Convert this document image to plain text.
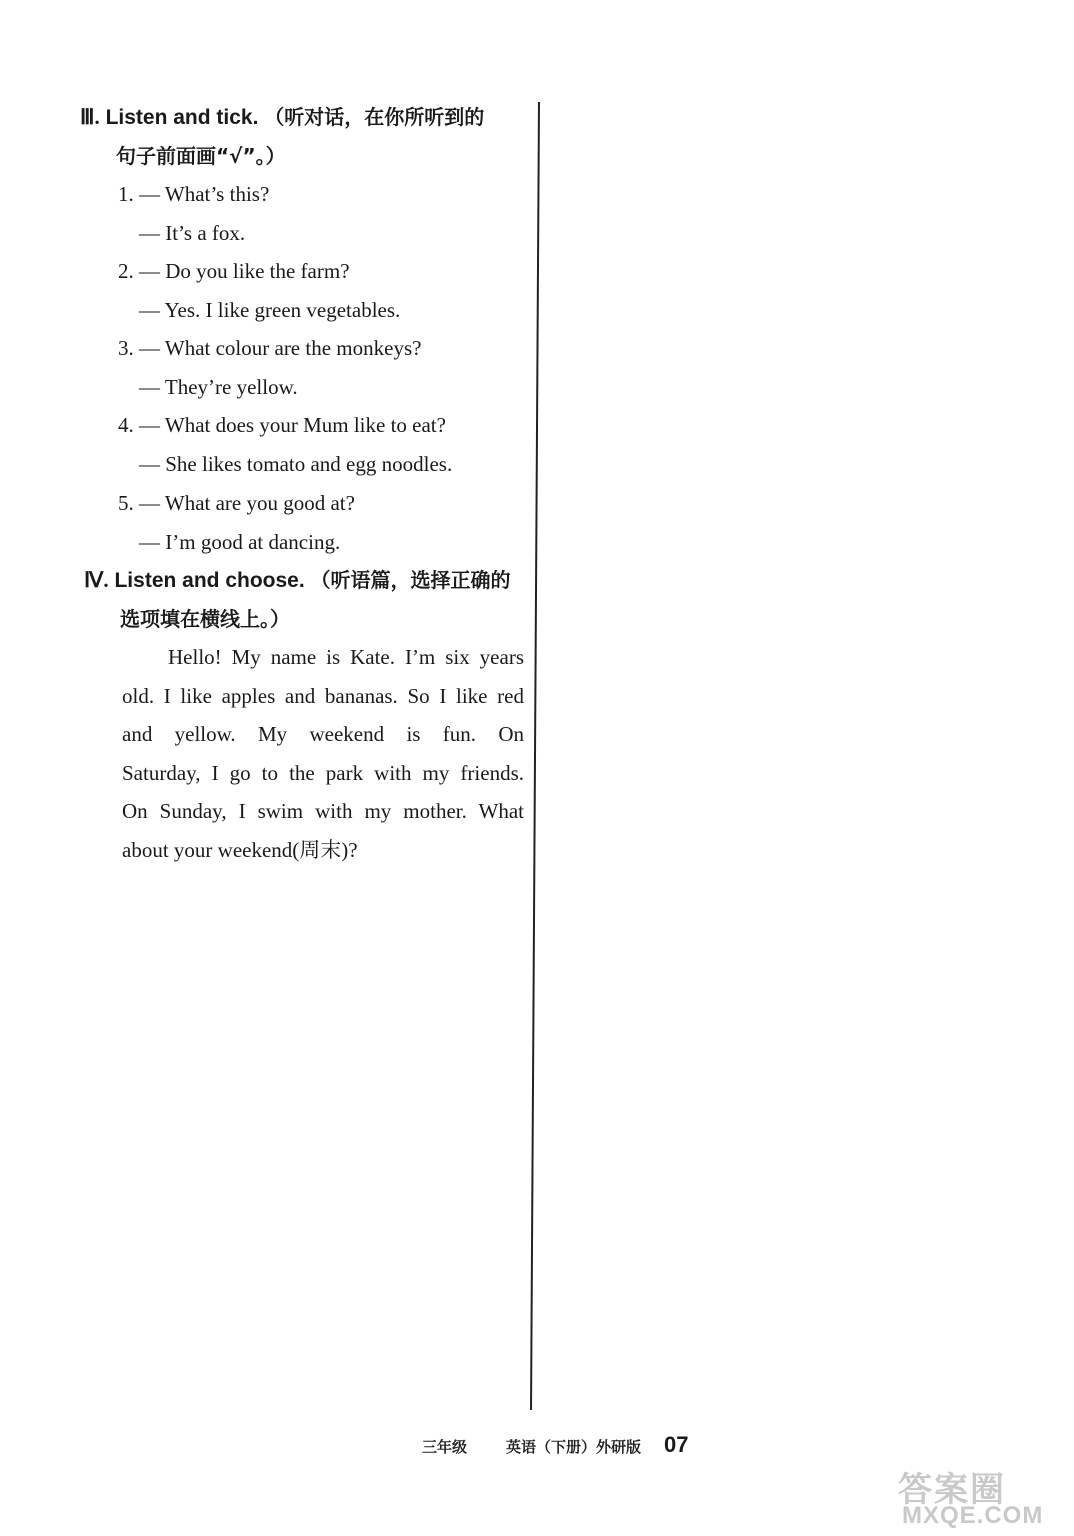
Ⅲ. Listen and tick. （听对话，在你所听到的
句子前面画“√”。）
1. — What’s this?
— It’s a fox.
2. — Do you like the farm?
— Yes. I like green vegetables.
3. — What colour are the monkeys?
— They’re yellow.
4. — What does your Mum like to eat?
— She likes tomato and egg noodles.
5. — What are you good at?
— I’m good at dancing.
Ⅳ. Listen and choose. （听语篇，选择正确的
选项填在横线上。）
Hello! My name is Kate. I’m six years
old. I like apples and bananas. So I like red
and yellow. My weekend is fun. On
Saturday, I go to the park with my friends.
On Sunday, I swim with my mother. What
about your weekend(周末)?
三年级	英语（下册） 外研版 07
答案圈
MXQE.COM
